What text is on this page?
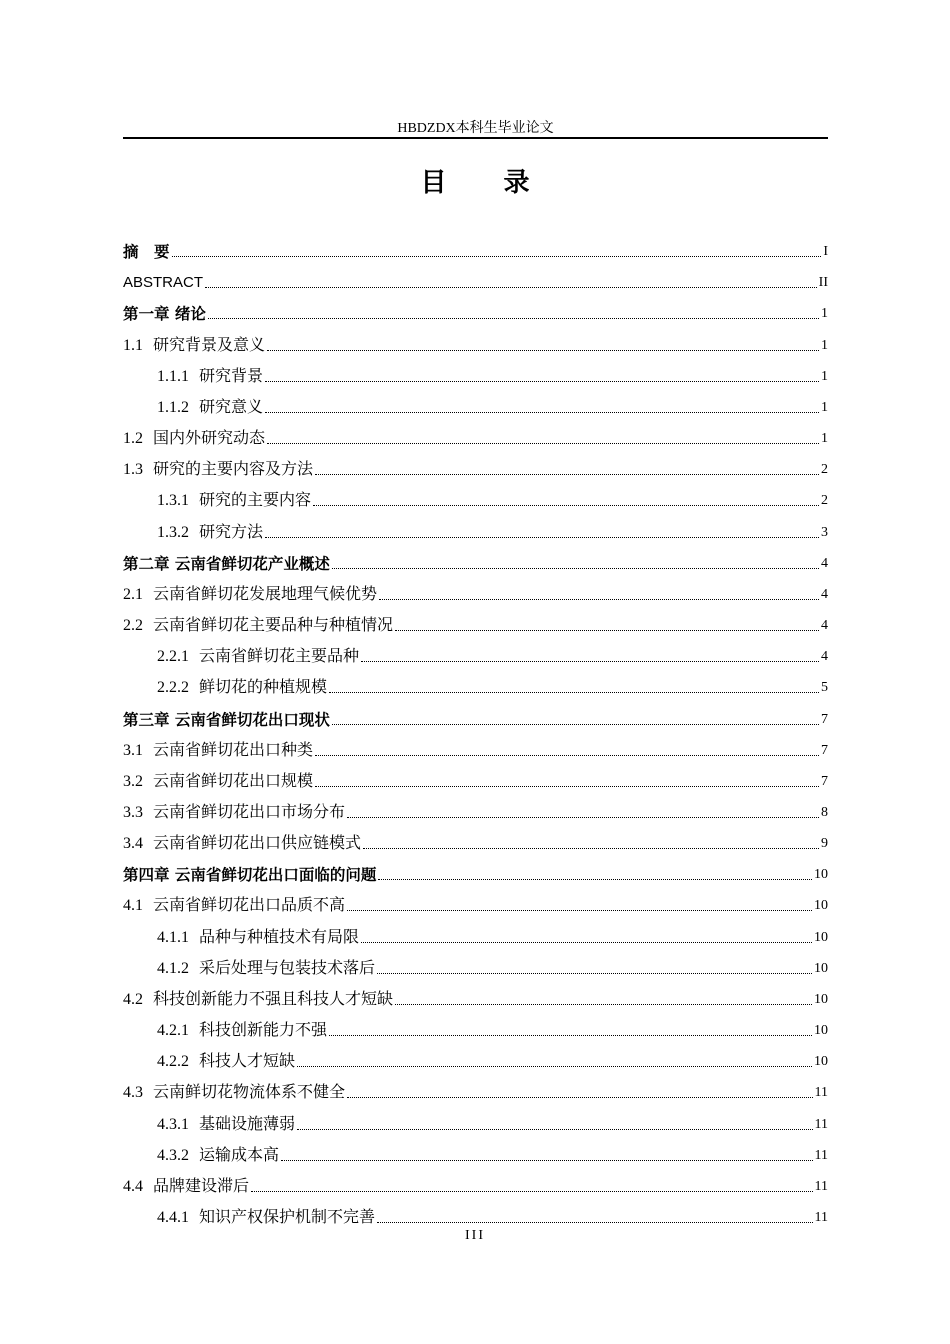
HBDZDX本科生毕业论文
目 录
摘　要	I
ABSTRACT	II
第一章 绪论	1
1.1 研究背景及意义	1
1.1.1 研究背景	1
1.1.2 研究意义	1
1.2 国内外研究动态	1
1.3 研究的主要内容及方法	2
1.3.1 研究的主要内容	2
1.3.2 研究方法	3
第二章 云南省鲜切花产业概述	4
2.1 云南省鲜切花发展地理气候优势	4
2.2 云南省鲜切花主要品种与种植情况	4
2.2.1 云南省鲜切花主要品种	4
2.2.2 鲜切花的种植规模	5
第三章 云南省鲜切花出口现状	7
3.1 云南省鲜切花出口种类	7
3.2 云南省鲜切花出口规模	7
3.3 云南省鲜切花出口市场分布	8
3.4 云南省鲜切花出口供应链模式	9
第四章 云南省鲜切花出口面临的问题	10
4.1 云南省鲜切花出口品质不高	10
4.1.1 品种与种植技术有局限	10
4.1.2 采后处理与包装技术落后	10
4.2 科技创新能力不强且科技人才短缺	10
4.2.1 科技创新能力不强	10
4.2.2 科技人才短缺	10
4.3 云南鲜切花物流体系不健全	11
4.3.1 基础设施薄弱	11
4.3.2 运输成本高	11
4.4 品牌建设滞后	11
4.4.1 知识产权保护机制不完善	11
III
